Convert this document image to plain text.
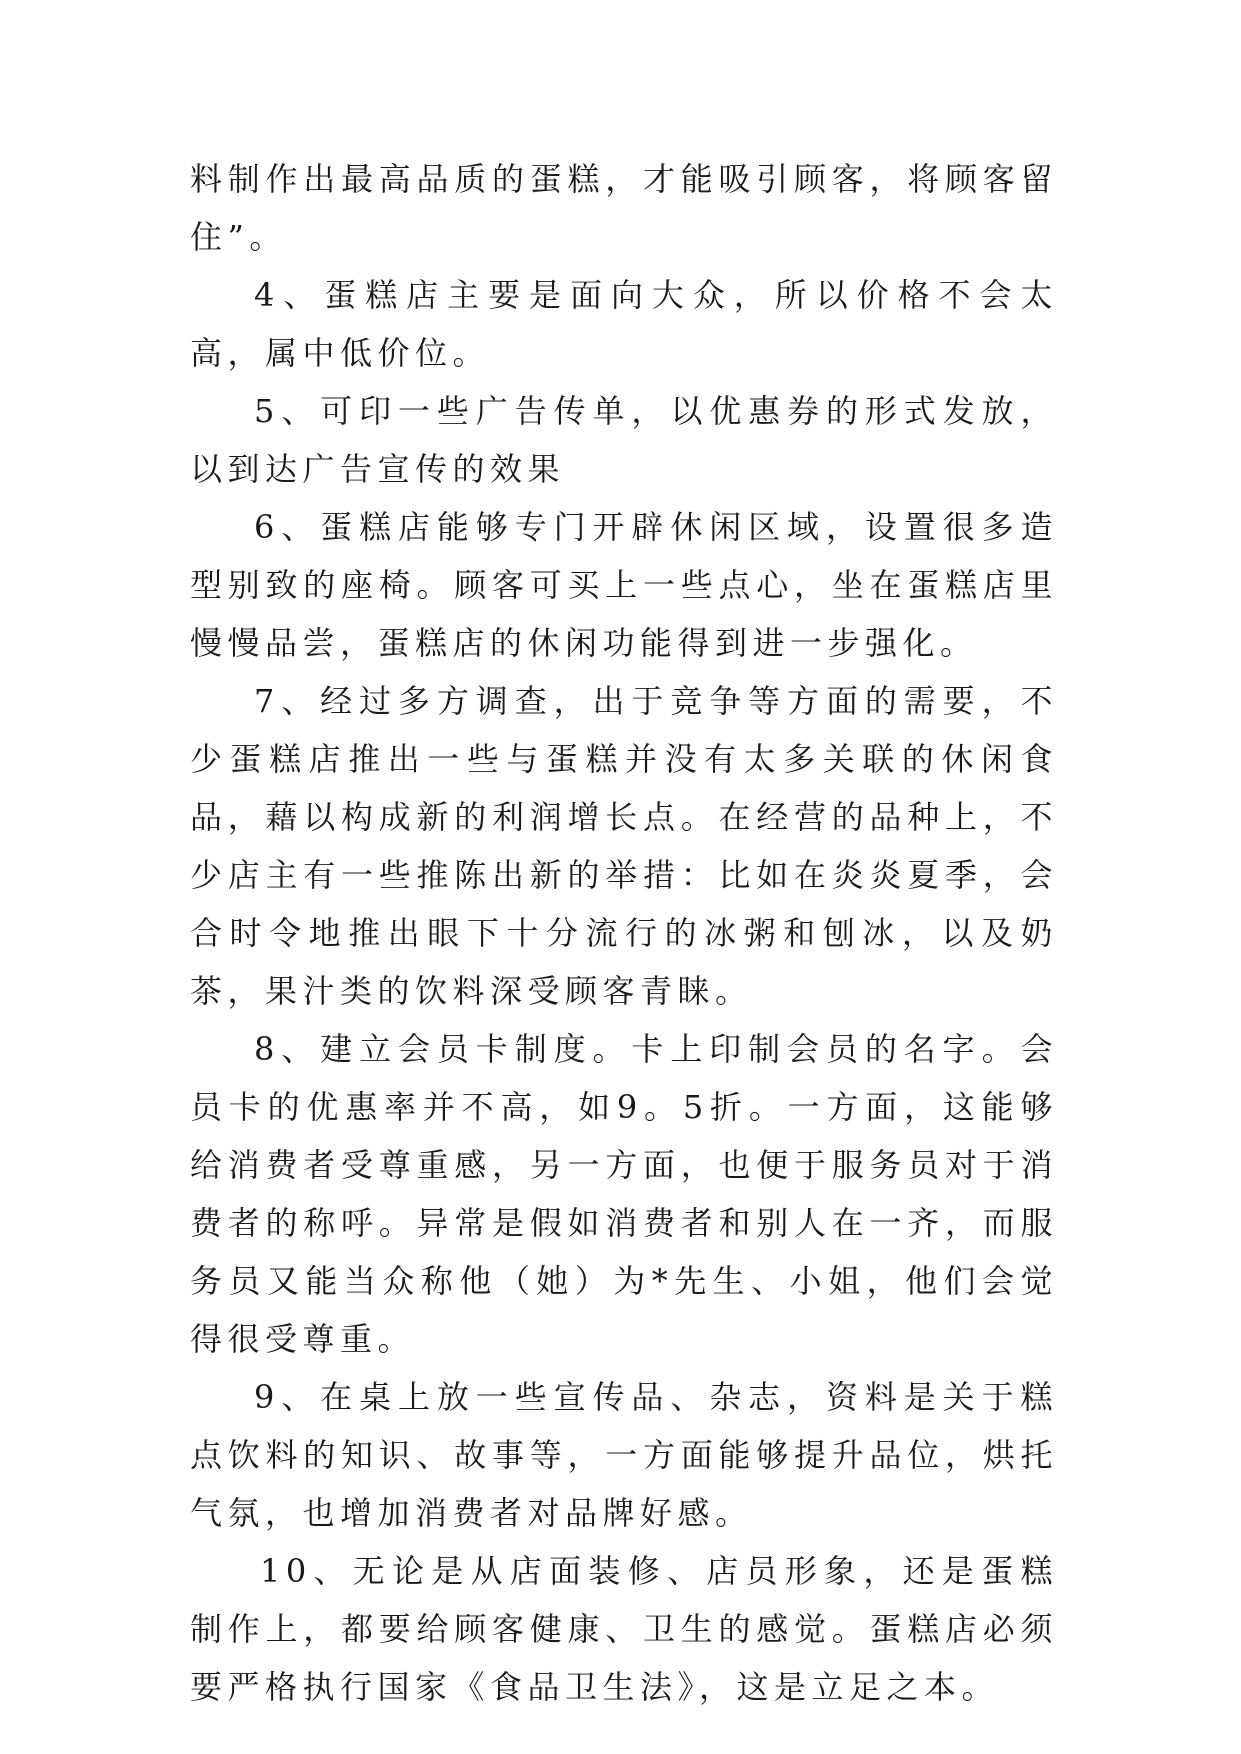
料制作出最高品质的蛋糕，才能吸引顾客，将顾客留住”。

4、蛋糕店主要是面向大众，所以价格不会太高，属中低价位。

5、可印一些广告传单，以优惠券的形式发放，以到达广告宣传的效果

6、蛋糕店能够专门开辟休闲区域，设置很多造型别致的座椅。顾客可买上一些点心，坐在蛋糕店里慢慢品尝，蛋糕店的休闲功能得到进一步强化。

7、经过多方调查，出于竞争等方面的需要，不少蛋糕店推出一些与蛋糕并没有太多关联的休闲食品，藉以构成新的利润增长点。在经营的品种上，不少店主有一些推陈出新的举措：比如在炎炎夏季，会合时令地推出眼下十分流行的冰粥和刨冰，以及奶茶，果汁类的饮料深受顾客青睐。

8、建立会员卡制度。卡上印制会员的名字。会员卡的优惠率并不高，如9。5折。一方面，这能够给消费者受尊重感，另一方面，也便于服务员对于消费者的称呼。异常是假如消费者和别人在一齐，而服务员又能当众称他（她）为*先生、小姐，他们会觉得很受尊重。

9、在桌上放一些宣传品、杂志，资料是关于糕点饮料的知识、故事等，一方面能够提升品位，烘托气氛，也增加消费者对品牌好感。

10、无论是从店面装修、店员形象，还是蛋糕制作上，都要给顾客健康、卫生的感觉。蛋糕店必须要严格执行国家《食品卫生法》，这是立足之本。
